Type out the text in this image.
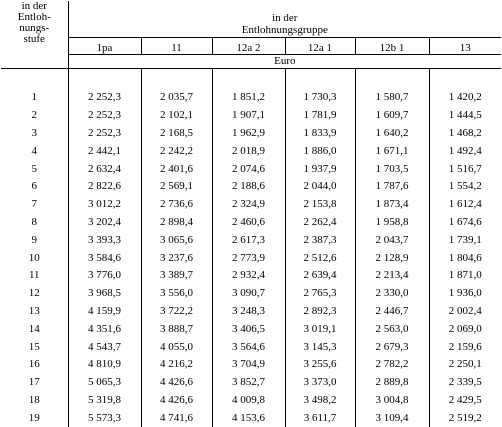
in der
Entloh-
nungs-
stufe	in der					
	Entlohnungsgruppe					
	1pa	11	12a 2	12a 1	12b 1	13
	Euro					

1	2 252,3	2 035,7	1 851,2	1 730,3	1 580,7	1 420,2
2	2 252,3	2 102,1	1 907,1	1 781,9	1 609,7	1 444,5
3	2 252,3	2 168,5	1 962,9	1 833,9	1 640,2	1 468,2
4	2 442,1	2 242,2	2 018,9	1 886,0	1 671,1	1 492,4
5	2 632,4	2 401,6	2 074,6	1 937,9	1 703,5	1 516,7
6	2 822,6	2 569,1	2 188,6	2 044,0	1 787,6	1 554,2
7	3 012,2	2 736,6	2 324,9	2 153,8	1 873,4	1 612,4
8	3 202,4	2 898,4	2 460,6	2 262,4	1 958,8	1 674,6
9	3 393,3	3 065,6	2 617,3	2 387,3	2 043,7	1 739,1
10	3 584,6	3 237,6	2 773,9	2 512,6	2 128,9	1 804,6
11	3 776,0	3 389,7	2 932,4	2 639,4	2 213,4	1 871,0
12	3 968,5	3 556,0	3 090,7	2 765,3	2 330,0	1 936,0
13	4 159,9	3 722,2	3 248,3	2 892,3	2 446,7	2 002,4
14	4 351,6	3 888,7	3 406,5	3 019,1	2 563,0	2 069,0
15	4 543,7	4 055,0	3 564,6	3 145,3	2 679,3	2 159,6
16	4 810,9	4 216,2	3 704,9	3 255,6	2 782,2	2 250,1
17	5 065,3	4 426,6	3 852,7	3 373,0	2 889,8	2 339,5
18	5 319,8	4 426,6	4 009,8	3 498,2	3 004,8	2 429,5
19	5 573,3	4 741,6	4 153,6	3 611,7	3 109,4	2 519,2
